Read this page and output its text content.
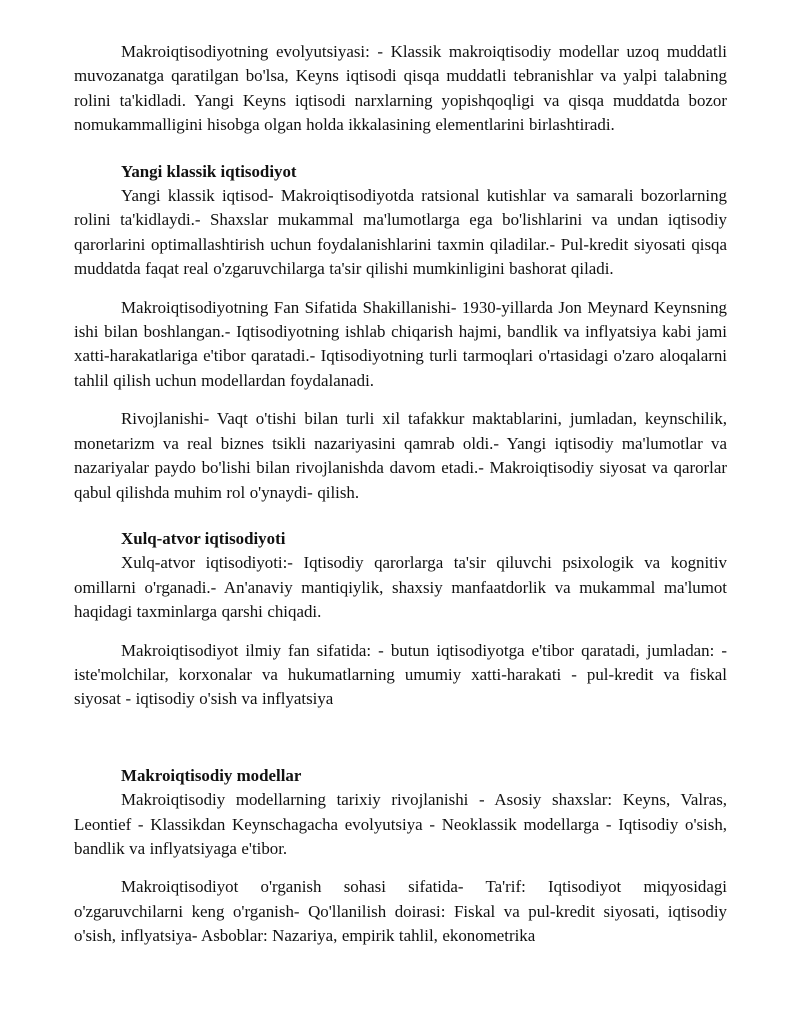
Makroiqtisodiyotning evolyutsiyasi: - Klassik makroiqtisodiy modellar uzoq muddatli muvozanatga qaratilgan bo'lsa, Keyns iqtisodi qisqa muddatli tebranishlar va yalpi talabning rolini ta'kidladi. Yangi Keyns iqtisodi narxlarning yopishqoqligi va qisqa muddatda bozor nomukammalligini hisobga olgan holda ikkalasining elementlarini birlashtiradi.

Yangi klassik iqtisodiyot

Yangi klassik iqtisod- Makroiqtisodiyotda ratsional kutishlar va samarali bozorlarning rolini ta'kidlaydi.- Shaxslar mukammal ma'lumotlarga ega bo'lishlarini va undan iqtisodiy qarorlarini optimallashtirish uchun foydalanishlarini taxmin qiladilar.- Pul-kredit siyosati qisqa muddatda faqat real o'zgaruvchilarga ta'sir qilishi mumkinligini bashorat qiladi.

Makroiqtisodiyotning Fan Sifatida Shakillanishi- 1930-yillarda Jon Meynard Keynsning ishi bilan boshlangan.- Iqtisodiyotning ishlab chiqarish hajmi, bandlik va inflyatsiya kabi jami xatti-harakatlariga e'tibor qaratadi.- Iqtisodiyotning turli tarmoqlari o'rtasidagi o'zaro aloqalarni tahlil qilish uchun modellardan foydalanadi.

Rivojlanishi- Vaqt o'tishi bilan turli xil tafakkur maktablarini, jumladan, keynschilik, monetarizm va real biznes tsikli nazariyasini qamrab oldi.- Yangi iqtisodiy ma'lumotlar va nazariyalar paydo bo'lishi bilan rivojlanishda davom etadi.- Makroiqtisodiy siyosat va qarorlar qabul qilishda muhim rol o'ynaydi- qilish.

Xulq-atvor iqtisodiyoti

Xulq-atvor iqtisodiyoti:- Iqtisodiy qarorlarga ta'sir qiluvchi psixologik va kognitiv omillarni o'rganadi.- An'anaviy mantiqiylik, shaxsiy manfaatdorlik va mukammal ma'lumot haqidagi taxminlarga qarshi chiqadi.

Makroiqtisodiyot ilmiy fan sifatida: - butun iqtisodiyotga e'tibor qaratadi, jumladan: - iste'molchilar, korxonalar va hukumatlarning umumiy xatti-harakati - pul-kredit va fiskal siyosat - iqtisodiy o'sish va inflyatsiya

Makroiqtisodiy modellar

Makroiqtisodiy modellarning tarixiy rivojlanishi - Asosiy shaxslar: Keyns, Valras, Leontief - Klassikdan Keynschagacha evolyutsiya - Neoklassik modellarga - Iqtisodiy o'sish, bandlik va inflyatsiyaga e'tibor.

Makroiqtisodiyot o'rganish sohasi sifatida- Ta'rif: Iqtisodiyot miqyosidagi o'zgaruvchilarni keng o'rganish- Qo'llanilish doirasi: Fiskal va pul-kredit siyosati, iqtisodiy o'sish, inflyatsiya- Asboblar: Nazariya, empirik tahlil, ekonometrika
